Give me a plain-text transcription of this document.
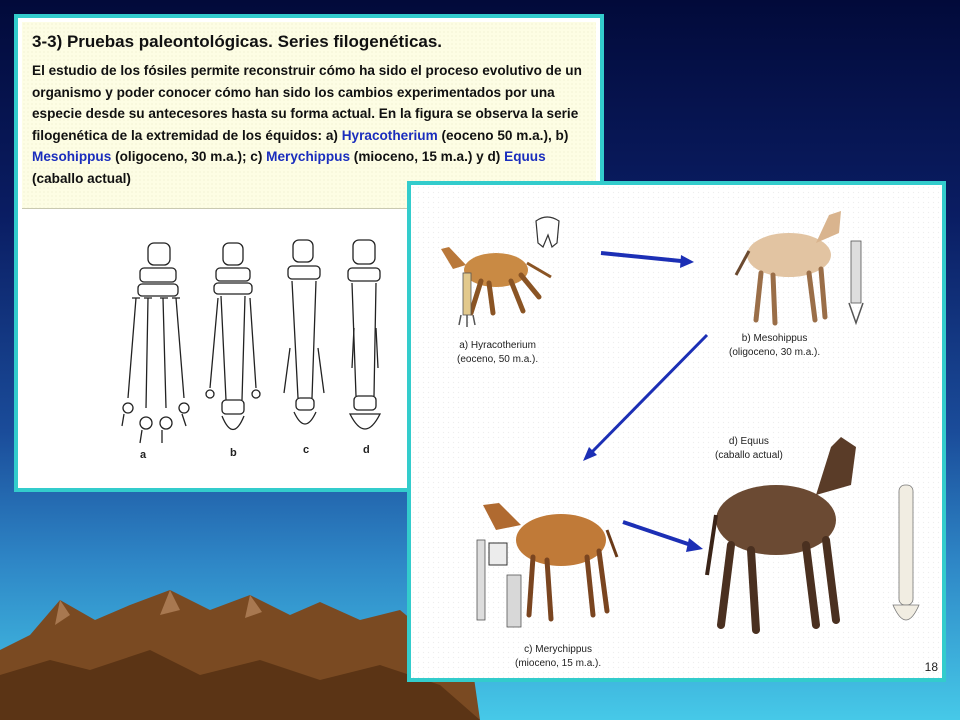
3-3) Pruebas paleontológicas. Series filogenéticas.

El estudio de los fósiles permite reconstruir cómo ha sido el proceso evolutivo de un organismo y poder conocer cómo han sido los cambios experimentados por una especie desde su antecesores hasta su forma actual. En la figura se observa la serie filogenética de la extremidad de los équidos: a) Hyracotherium (eoceno 50 m.a.), b) Mesohippus (oligoceno, 30 m.a.); c) Merychippus (mioceno, 15 m.a.) y d) Equus (caballo actual)

a	b	c	d
a) Hyracotherium
(eoceno, 50 m.a.).
b) Mesohippus
(oligoceno, 30 m.a.).
d) Equus
(caballo actual)
c) Merychippus
(mioceno, 15 m.a.).	18
